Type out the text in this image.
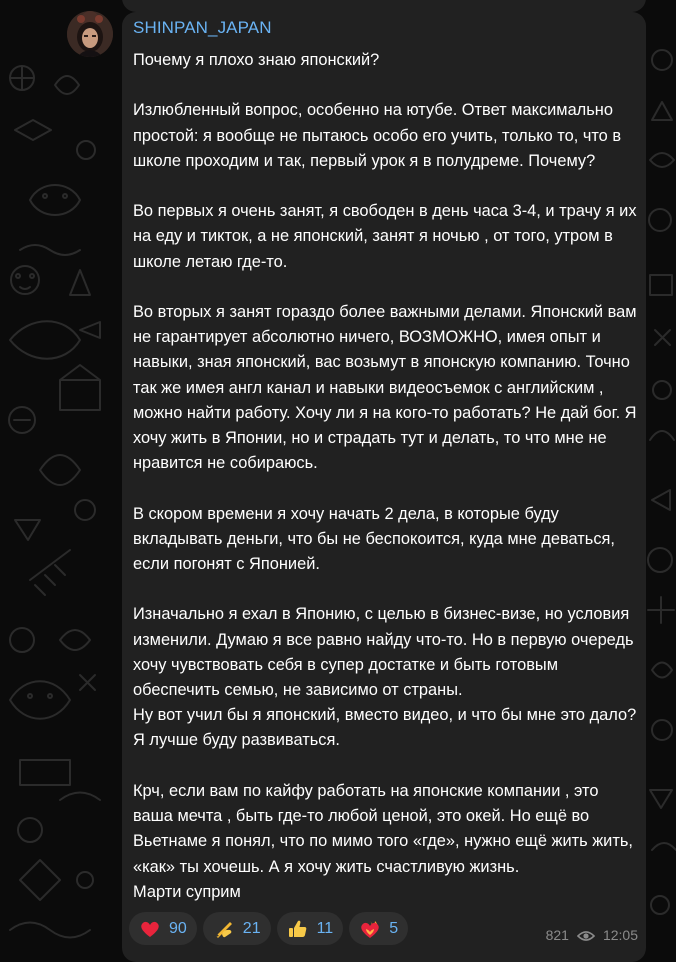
SHINPAN_JAPAN
Почему я плохо знаю японский?

Излюбленный вопрос, особенно на ютубе. Ответ максимально простой: я вообще не пытаюсь особо его учить, только то, что в школе проходим и так, первый урок я в полудреме. Почему?

Во первых я очень занят, я свободен в день часа 3-4, и трачу я их на еду и тикток, а не японский, занят я ночью , от того, утром в школе летаю где-то.

Во вторых я занят гораздо более важными делами. Японский вам не гарантирует абсолютно ничего, ВОЗМОЖНО, имея опыт и навыки, зная японский, вас возьмут в японскую компанию. Точно так же имея англ канал и навыки видеосъемок с английским , можно найти работу. Хочу ли я на кого-то работать? Не дай бог. Я хочу жить в Японии, но и страдать тут и делать, то что мне не нравится не собираюсь.

В скором времени я хочу начать 2 дела, в которые буду вкладывать деньги, что бы не беспокоится, куда мне деваться, если погонят с Японией.

Изначально я ехал в Японию, с целью в бизнес-визе, но условия изменили. Думаю я все равно найду что-то. Но в первую очередь хочу чувствовать себя в супер достатке и быть готовым обеспечить семью, не зависимо от страны.
Ну вот учил бы я японский, вместо видео, и что бы мне это дало? Я лучше буду развиваться.

Крч, если вам по кайфу работать на японские компании , это ваша мечта , быть где-то любой ценой, это окей. Но ещё во Вьетнаме я понял, что по мимо того «где», нужно ещё жить жить, «как» ты хочешь. А я хочу жить счастливую жизнь.
Марти суприм
90	21	11	5	821 12:05
